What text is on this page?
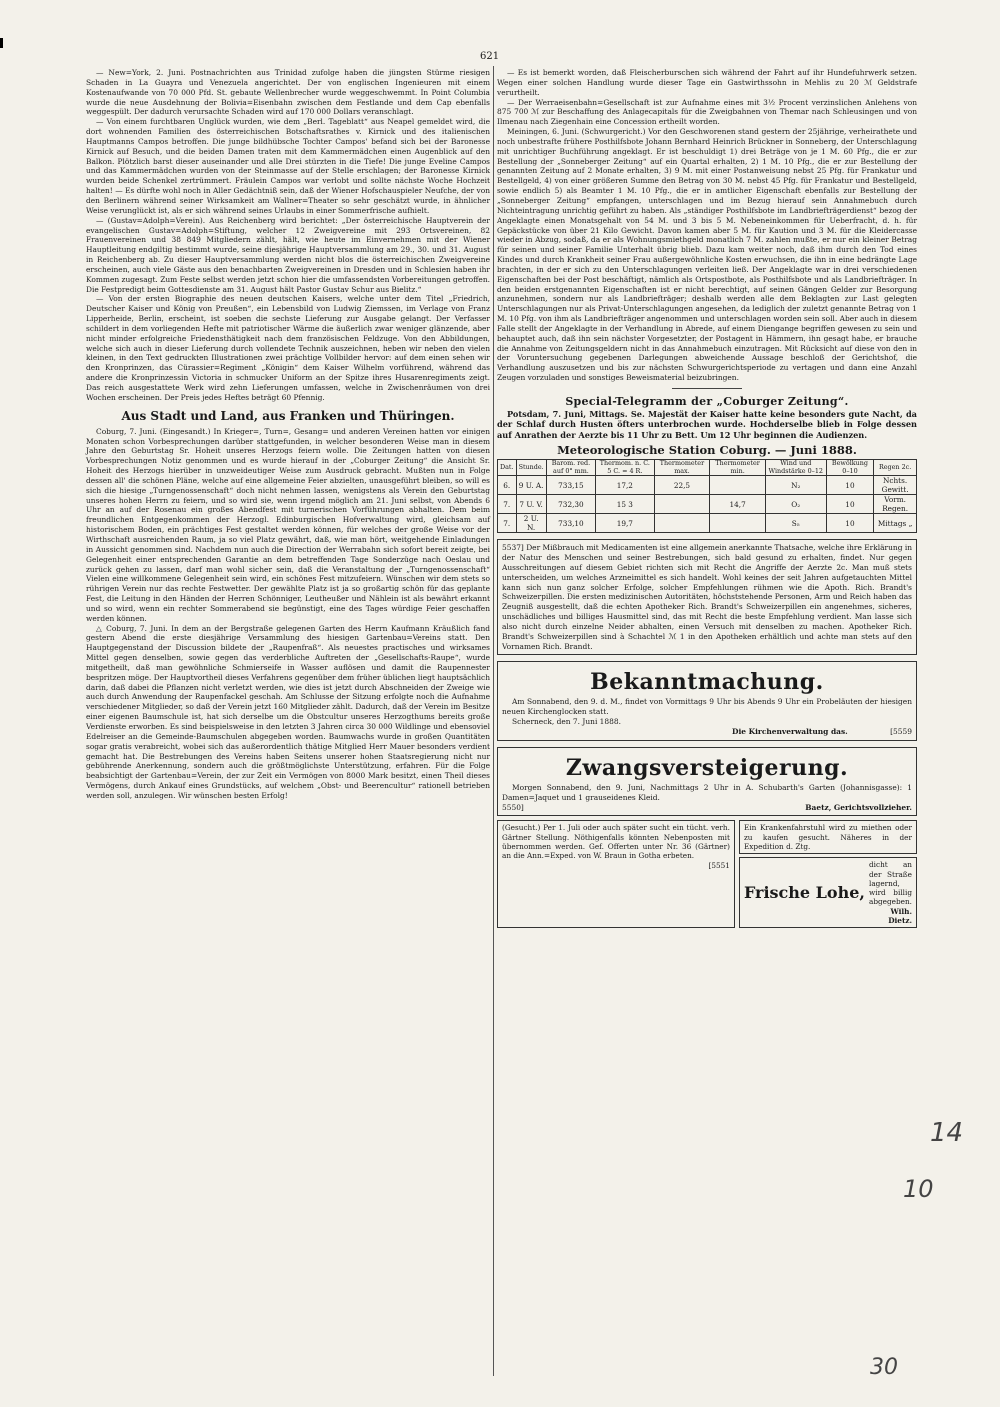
621

— New=York, 2. Juni. Postnachrichten aus Trinidad zufolge haben die jüngsten Stürme riesigen Schaden in La Guayra und Venezuela angerichtet. Der von englischen Ingenieuren mit einem Kostenaufwande von 70 000 Pfd. St. gebaute Wellenbrecher wurde weggeschwemmt. In Point Columbia wurde die neue Ausdehnung der Bolivia=Eisenbahn zwischen dem Festlande und dem Cap ebenfalls weggespült. Der dadurch verursachte Schaden wird auf 170 000 Dollars veranschlagt.

— Von einem furchtbaren Unglück wurden, wie dem „Berl. Tageblatt“ aus Neapel gemeldet wird, die dort wohnenden Familien des österreichischen Botschaftsrathes v. Kirnick und des italienischen Hauptmanns Campos betroffen. Die junge bildhübsche Tochter Campos' befand sich bei der Baronesse Kirnick auf Besuch, und die beiden Damen traten mit dem Kammermädchen einen Augenblick auf den Balkon. Plötzlich barst dieser auseinander und alle Drei stürzten in die Tiefe! Die junge Eveline Campos und das Kammermädchen wurden von der Steinmasse auf der Stelle erschlagen; der Baronesse Kirnick wurden beide Schenkel zertrümmert. Fräulein Campos war verlobt und sollte nächste Woche Hochzeit halten! — Es dürfte wohl noch in Aller Gedächtniß sein, daß der Wiener Hofschauspieler Neufche, der von den Berlinern während seiner Wirksamkeit am Wallner=Theater so sehr geschätzt wurde, in ähnlicher Weise verunglückt ist, als er sich während seines Urlaubs in einer Sommerfrische aufhielt.

— (Gustav=Adolph=Verein). Aus Reichenberg wird berichtet: „Der österreichische Hauptverein der evangelischen Gustav=Adolph=Stiftung, welcher 12 Zweigvereine mit 293 Ortsvereinen, 82 Frauenvereinen und 38 849 Mitgliedern zählt, hält, wie heute im Einvernehmen mit der Wiener Hauptleitung endgiltig bestimmt wurde, seine diesjährige Hauptversammlung am 29., 30. und 31. August in Reichenberg ab. Zu dieser Hauptversammlung werden nicht blos die österreichischen Zweigvereine erscheinen, auch viele Gäste aus den benachbarten Zweigvereinen in Dresden und in Schlesien haben ihr Kommen zugesagt. Zum Feste selbst werden jetzt schon hier die umfassendsten Vorbereitungen getroffen. Die Festpredigt beim Gottesdienste am 31. August hält Pastor Gustav Schur aus Bielitz.“

— Von der ersten Biographie des neuen deutschen Kaisers, welche unter dem Titel „Friedrich, Deutscher Kaiser und König von Preußen“, ein Lebensbild von Ludwig Ziemssen, im Verlage von Franz Lipperheide, Berlin, erscheint, ist soeben die sechste Lieferung zur Ausgabe gelangt. Der Verfasser schildert in dem vorliegenden Hefte mit patriotischer Wärme die äußerlich zwar weniger glänzende, aber nicht minder erfolgreiche Friedensthätigkeit nach dem französischen Feldzuge. Von den Abbildungen, welche sich auch in dieser Lieferung durch vollendete Technik auszeichnen, heben wir neben den vielen kleinen, in den Text gedruckten Illustrationen zwei prächtige Vollbilder hervor: auf dem einen sehen wir den Kronprinzen, das Cürassier=Regiment „Königin“ dem Kaiser Wilhelm vorführend, während das andere die Kronprinzessin Victoria in schmucker Uniform an der Spitze ihres Husarenregiments zeigt. Das reich ausgestattete Werk wird zehn Lieferungen umfassen, welche in Zwischenräumen von drei Wochen erscheinen. Der Preis jedes Heftes beträgt 60 Pfennig.

Aus Stadt und Land, aus Franken und Thüringen.

Coburg, 7. Juni. (Eingesandt.) In Krieger=, Turn=, Gesang= und anderen Vereinen hatten vor einigen Monaten schon Vorbesprechungen darüber stattgefunden, in welcher besonderen Weise man in diesem Jahre den Geburtstag Sr. Hoheit unseres Herzogs feiern wolle. Die Zeitungen hatten von diesen Vorbesprechungen Notiz genommen und es wurde hierauf in der „Coburger Zeitung“ die Ansicht Sr. Hoheit des Herzogs hierüber in unzweideutiger Weise zum Ausdruck gebracht. Mußten nun in Folge dessen all' die schönen Pläne, welche auf eine allgemeine Feier abzielten, unausgeführt bleiben, so will es sich die hiesige „Turngenossenschaft“ doch nicht nehmen lassen, wenigstens als Verein den Geburtstag unseres hohen Herrn zu feiern, und so wird sie, wenn irgend möglich am 21. Juni selbst, von Abends 6 Uhr an auf der Rosenau ein großes Abendfest mit turnerischen Vorführungen abhalten. Dem beim freundlichen Entgegenkommen der Herzogl. Edinburgischen Hofverwaltung wird, gleichsam auf historischem Boden, ein prächtiges Fest gestaltet werden können, für welches der große Weise vor der Wirthschaft ausreichenden Raum, ja so viel Platz gewährt, daß, wie man hört, weitgehende Einladungen in Aussicht genommen sind. Nachdem nun auch die Direction der Werrabahn sich sofort bereit zeigte, bei Gelegenheit einer entsprechenden Garantie an dem betreffenden Tage Sonderzüge nach Oeslau und zurück gehen zu lassen, darf man wohl sicher sein, daß die Veranstaltung der „Turngenossenschaft“ Vielen eine willkommene Gelegenheit sein wird, ein schönes Fest mitzufeiern. Wünschen wir dem stets so rührigen Verein nur das rechte Festwetter. Der gewählte Platz ist ja so großartig schön für das geplante Fest, die Leitung in den Händen der Herren Schönniger, Leutheußer und Nählein ist als bewährt erkannt und so wird, wenn ein rechter Sommerabend sie begünstigt, eine des Tages würdige Feier geschaffen werden können.

△ Coburg, 7. Juni. In dem an der Bergstraße gelegenen Garten des Herrn Kaufmann Kräußlich fand gestern Abend die erste diesjährige Versammlung des hiesigen Gartenbau=Vereins statt. Den Hauptgegenstand der Discussion bildete der „Raupenfraß“. Als neuestes practisches und wirksames Mittel gegen denselben, sowie gegen das verderbliche Auftreten der „Gesellschafts-Raupe“, wurde mitgetheilt, daß man gewöhnliche Schmierseife in Wasser auflösen und damit die Raupennester bespritzen möge. Der Hauptvortheil dieses Verfahrens gegenüber dem früher üblichen liegt hauptsächlich darin, daß dabei die Pflanzen nicht verletzt werden, wie dies ist jetzt durch Abschneiden der Zweige wie auch durch Anwendung der Raupenfackel geschah. Am Schlusse der Sitzung erfolgte noch die Aufnahme verschiedener Mitglieder, so daß der Verein jetzt 160 Mitglieder zählt. Dadurch, daß der Verein im Besitze einer eigenen Baumschule ist, hat sich derselbe um die Obstcultur unseres Herzogthums bereits große Verdienste erworben. Es sind beispielsweise in den letzten 3 Jahren circa 30 000 Wildlinge und ebensoviel Edelreiser an die Gemeinde-Baumschulen abgegeben worden. Baumwachs wurde in großen Quantitäten sogar gratis verabreicht, wobei sich das außerordentlich thätige Mitglied Herr Mauer besonders verdient gemacht hat. Die Bestrebungen des Vereins haben Seitens unserer hohen Staatsregierung nicht nur gebührende Anerkennung, sondern auch die größtmöglichste Unterstützung, erfahren. Für die Folge beabsichtigt der Gartenbau=Verein, der zur Zeit ein Vermögen von 8000 Mark besitzt, einen Theil dieses Vermögens, durch Ankauf eines Grundstücks, auf welchem „Obst- und Beerencultur“ rationell betrieben werden soll, anzulegen. Wir wünschen besten Erfolg!

— Es ist bemerkt worden, daß Fleischerburschen sich während der Fahrt auf ihr Hundefuhrwerk setzen. Wegen einer solchen Handlung wurde dieser Tage ein Gastwirthssohn in Mehlis zu 20 ℳ Geldstrafe verurtheilt.

— Der Werraeisenbahn=Gesellschaft ist zur Aufnahme eines mit 3½ Procent verzinslichen Anlehens von 875 700 ℳ zur Beschaffung des Anlagecapitals für die Zweigbahnen von Themar nach Schleusingen und von Ilmenau nach Ziegenhain eine Concession ertheilt worden.

Meiningen, 6. Juni. (Schwurgericht.) Vor den Geschworenen stand gestern der 25jährige, verheirathete und noch unbestrafte frühere Posthilfsbote Johann Bernhard Heinrich Brückner in Sonneberg, der Unterschlagung mit unrichtiger Buchführung angeklagt. Er ist beschuldigt 1) drei Beträge von je 1 M. 60 Pfg., die er zur Bestellung der „Sonneberger Zeitung“ auf ein Quartal erhalten, 2) 1 M. 10 Pfg., die er zur Bestellung der genannten Zeitung auf 2 Monate erhalten, 3) 9 M. mit einer Postanweisung nebst 25 Pfg. für Frankatur und Bestellgeld, 4) von einer größeren Summe den Betrag von 30 M. nebst 45 Pfg. für Frankatur und Bestellgeld, sowie endlich 5) als Beamter 1 M. 10 Pfg., die er in amtlicher Eigenschaft ebenfalls zur Bestellung der „Sonneberger Zeitung“ empfangen, unterschlagen und im Bezug hierauf sein Annahmebuch durch Nichteintragung unrichtig geführt zu haben. Als „ständiger Posthilfsbote im Landbriefträgerdienst“ bezog der Angeklagte einen Monatsgehalt von 54 M. und 3 bis 5 M. Nebeneinkommen für Ueberfracht, d. h. für Gepäckstücke von über 21 Kilo Gewicht. Davon kamen aber 5 M. für Kaution und 3 M. für die Kleidercasse wieder in Abzug, sodaß, da er als Wohnungsmiethgeld monatlich 7 M. zahlen mußte, er nur ein kleiner Betrag für seinen und seiner Familie Unterhalt übrig blieb. Dazu kam weiter noch, daß ihm durch den Tod eines Kindes und durch Krankheit seiner Frau außergewöhnliche Kosten erwuchsen, die ihn in eine bedrängte Lage brachten, in der er sich zu den Unterschlagungen verleiten ließ. Der Angeklagte war in drei verschiedenen Eigenschaften bei der Post beschäftigt, nämlich als Ortspostbote, als Posthilfsbote und als Landbriefträger. In den beiden erstgenannten Eigenschaften ist er nicht berechtigt, auf seinen Gängen Gelder zur Besorgung anzunehmen, sondern nur als Landbriefträger; deshalb werden alle dem Beklagten zur Last gelegten Unterschlagungen nur als Privat-Unterschlagungen angesehen, da lediglich der zuletzt genannte Betrag von 1 M. 10 Pfg. von ihm als Landbriefträger angenommen und unterschlagen worden sein soll. Aber auch in diesem Falle stellt der Angeklagte in der Verhandlung in Abrede, auf einem Diengange begriffen gewesen zu sein und behauptet auch, daß ihn sein nächster Vorgesetzter, der Postagent in Hämmern, ihn gesagt habe, er brauche die Annahme von Zeitungsgeldern nicht in das Annahmebuch einzutragen. Mit Rücksicht auf diese von den in der Voruntersuchung gegebenen Darlegungen abweichende Aussage beschloß der Gerichtshof, die Verhandlung auszusetzen und bis zur nächsten Schwurgerichtsperiode zu vertagen und dann eine Anzahl Zeugen vorzuladen und sonstiges Beweismaterial beizubringen.

Special-Telegramm der „Coburger Zeitung“.
Potsdam, 7. Juni, Mittags. Se. Majestät der Kaiser hatte keine besonders gute Nacht, da der Schlaf durch Husten öfters unterbrochen wurde. Hochderselbe blieb in Folge dessen auf Anrathen der Aerzte bis 11 Uhr zu Bett. Um 12 Uhr beginnen die Audienzen.
Meteorologische Station Coburg. — Juni 1888.
Dat.	Stunde.	Barom. red. auf 0° mm.	Thermom. n. C. 5 C. = 4 R.	Thermometer max.	Thermometer min.	Wind und Windstärke 0–12	Bewölkung 0–10	Regen 2c.
6.	9 U. A.	733,15	17,2	22,5		N₂	10	Nchts. Gewitt.
7.	7 U. V.	732,30	15 3		14,7	O₂	10	Vorm. Regen.
7.	2 U. N.	733,10	19,7			S₅	10	Mittags „
5537] Der Mißbrauch mit Medicamenten ist eine allgemein anerkannte Thatsache, welche ihre Erklärung in der Natur des Menschen und seiner Bestrebungen, sich bald gesund zu erhalten, findet. Nur gegen Ausschreitungen auf diesem Gebiet richten sich mit Recht die Angriffe der Aerzte 2c. Man muß stets unterscheiden, um welches Arzneimittel es sich handelt. Wohl keines der seit Jahren aufgetauchten Mittel kann sich nun ganz solcher Erfolge, solcher Empfehlungen rühmen wie die Apoth. Rich. Brandt's Schweizerpillen. Die ersten medizinischen Autoritäten, höchststehende Personen, Arm und Reich haben das Zeugniß ausgestellt, daß die echten Apotheker Rich. Brandt's Schweizerpillen ein angenehmes, sicheres, unschädliches und billiges Hausmittel sind, das mit Recht die beste Empfehlung verdient. Man lasse sich also nicht durch einzelne Neider abhalten, einen Versuch mit denselben zu machen. Apotheker Rich. Brandt's Schweizerpillen sind à Schachtel ℳ 1 in den Apotheken erhältlich und achte man stets auf den Vornamen Rich. Brandt.
Bekanntmachung.
Am Sonnabend, den 9. d. M., findet von Vormittags 9 Uhr bis Abends 9 Uhr ein Probeläuten der hiesigen neuen Kirchenglocken statt.
Scherneck, den 7. Juni 1888.
Die Kirchenverwaltung das.	[5559
Zwangsversteigerung.
Morgen Sonnabend, den 9. Juni, Nachmittags 2 Uhr in A. Schubarth's Garten (Johannisgasse): 1 Damen=Jaquet und 1 grauseidenes Kleid.
5550]	Baetz, Gerichtsvollzieher.
(Gesucht.) Per 1. Juli oder auch später sucht ein tücht. verh. Gärtner Stellung. Nöthigenfalls könnten Nebenposten mit übernommen werden. Gef. Offerten unter Nr. 36 (Gärtner) an die Ann.=Exped. von W. Braun in Gotha erbeten.
[5551
Ein Krankenfahrstuhl wird zu miethen oder zu kaufen gesucht. Näheres in der Expedition d. Ztg.
Frische Lohe,
dicht an der Straße lagernd, wird billig abgegeben.
Wilh. Dietz.
14
10
30
